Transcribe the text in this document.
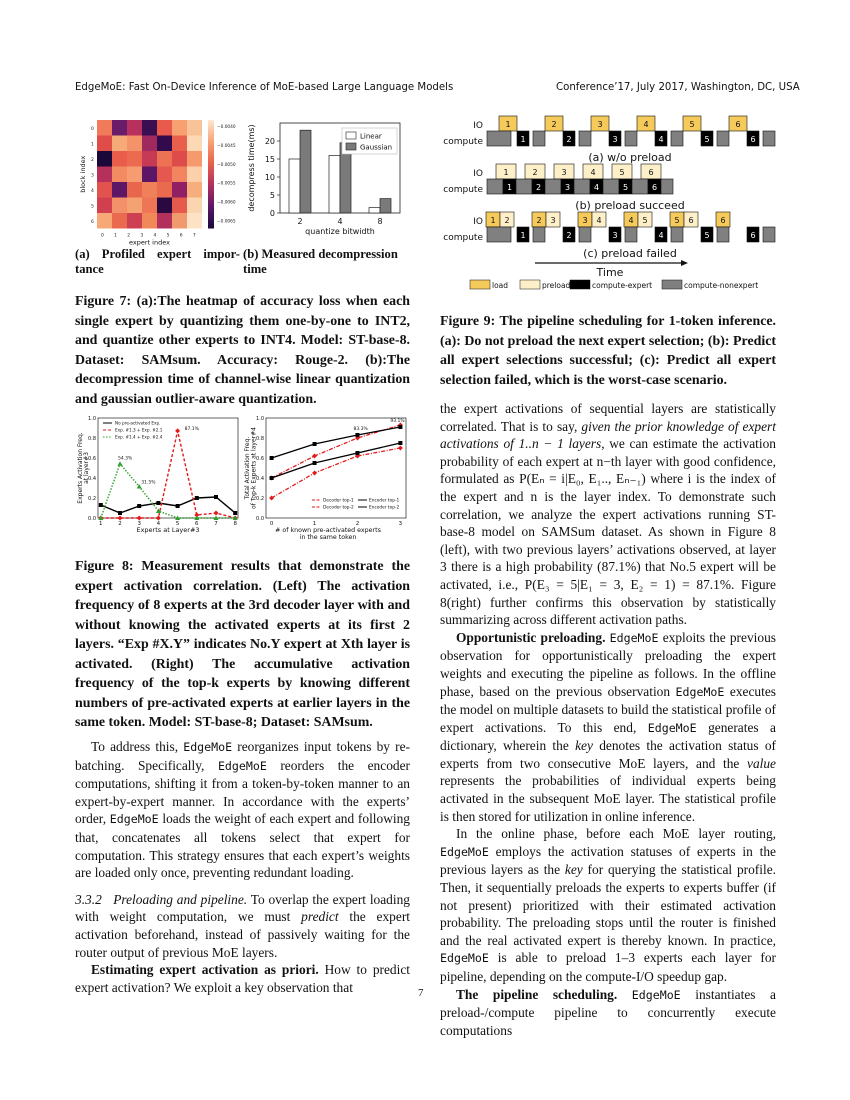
EdgeMoE: Fast On-Device Inference of MoE-based Large Language Models	Conference’17, July 2017, Washington, DC, USA
0 1 2 3 4 5 6 7
0
1
2
3
4
5
6
expert index
block index
−0.0040
−0.0045
−0.0050
−0.0055
−0.0060
−0.0065
0
5
10
15
20
2	4	8
quantize bitwidth
decompress time(ms)	Linear
Gaussian
(a) Profiled expert impor-
tance
(b) Measured decompression
time
Figure 7: (a):The heatmap of accuracy loss when each single expert by quantizing them one-by-one to INT2, and quantize other experts to INT4. Model: ST-base-8. Dataset: SAMsum. Accuracy: Rouge-2. (b):The decompression time of channel-wise linear quantization and gaussian outlier-aware quantization.
0.0
0.2
0.4
0.6
0.8
1.0
1	2	3	4	5	6	7	8
87.1%
54.3%
31.5%
No pre-activated Exp.
Exp. #1.3 + Exp. #2.1
Exp. #1.4 + Exp. #2.4
Experts at Layer#3
Experts Activation Freq. at layer#3
0.0
0.2
0.4
0.6
0.8
1.0
0	1	2	3
83.3%
93.1%
Decoder top-1
Decoder top-2
Encoder top-1
Encoder top-2
# of known pre-activated experts
in the same token
Total Activation Freq. of Top-k Experts at layer#4
Figure 8: Measurement results that demonstrate the expert activation correlation. (Left) The activation frequency of 8 experts at the 3rd decoder layer with and without knowing the activated experts at its first 2 layers. “Exp #X.Y” indicates No.Y expert at Xth layer is activated. (Right) The accumulative activation frequency of the top-k experts by knowing different numbers of pre-activated experts at earlier layers in the same token. Model: ST-base-8; Dataset: SAMsum.

To address this, EdgeMoE reorganizes input tokens by re-batching. Specifically, EdgeMoE reorders the encoder computations, shifting it from a token-by-token manner to an expert-by-expert manner. In accordance with the experts’ order, EdgeMoE loads the weight of each expert and following that, concatenates all tokens select that expert for computation. This strategy ensures that each expert’s weights are loaded only once, preventing redundant loading.

3.3.2 Preloading and pipeline. To overlap the expert loading with weight computation, we must predict the expert activation beforehand, instead of passively waiting for the router output of previous MoE layers.

Estimating expert activation as priori. How to predict expert activation? We exploit a key observation that

IO
compute
1	2	3	4	5	6
1	2	3	4	5	6
(a) w/o preload
IO
compute
1	2	3	4	5	6
1	2	3	4	5	6
(b) preload succeed
IO
compute
1 2	2 3	3 4	4 5	5 6	6
1	2	3	4	5	6
(c) preload failed
Time
load	preload	compute-expert	compute-nonexpert
Figure 9: The pipeline scheduling for 1-token inference. (a): Do not preload the next expert selection; (b): Predict all expert selections successful; (c): Predict all expert selection failed, which is the worst-case scenario.

the expert activations of sequential layers are statistically correlated. That is to say, given the prior knowledge of expert activations of 1..n − 1 layers, we can estimate the activation probability of each expert at n−th layer with good confidence, formulated as P(Eₙ = i|E₀, E₁.., Eₙ₋₁) where i is the index of the expert and n is the layer index. To demonstrate such correlation, we analyze the expert activations running ST-base-8 model on SAMSum dataset. As shown in Figure 8 (left), with two previous layers’ activations observed, at layer 3 there is a high probability (87.1%) that No.5 expert will be activated, i.e., P(E₃ = 5|E₁ = 3, E₂ = 1) = 87.1%. Figure 8(right) further confirms this observation by statistically summarizing across different activation paths.

Opportunistic preloading. EdgeMoE exploits the previous observation for opportunistically preloading the expert weights and executing the pipeline as follows. In the offline phase, based on the previous observation EdgeMoE executes the model on multiple datasets to build the statistical profile of expert activations. To this end, EdgeMoE generates a dictionary, wherein the key denotes the activation status of experts from two consecutive MoE layers, and the value represents the probabilities of individual experts being activated in the subsequent MoE layer. The statistical profile is then stored for utilization in online inference.

In the online phase, before each MoE layer routing, EdgeMoE employs the activation statuses of experts in the previous layers as the key for querying the statistical profile. Then, it sequentially preloads the experts to experts buffer (if not present) prioritized with their estimated activation probability. The preloading stops until the router is finished and the real activated expert is thereby known. In practice, EdgeMoE is able to preload 1–3 experts each layer for pipeline, depending on the compute-I/O speedup gap.

The pipeline scheduling. EdgeMoE instantiates a preload-/compute pipeline to concurrently execute computations

7
